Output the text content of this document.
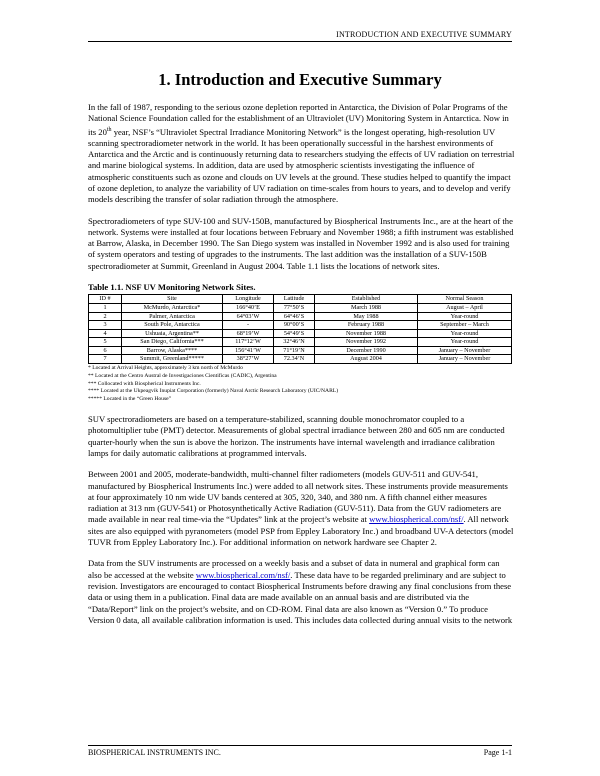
INTRODUCTION AND EXECUTIVE SUMMARY
1. Introduction and Executive Summary

In the fall of 1987, responding to the serious ozone depletion reported in Antarctica, the Division of Polar Programs of the National Science Foundation called for the establishment of an Ultraviolet (UV) Monitoring System in Antarctica. Now in its 20th year, NSF’s “Ultraviolet Spectral Irradiance Monitoring Network” is the longest operating, high-resolution UV scanning spectroradiometer network in the world. It has been operationally successful in the harshest environments of Antarctica and the Arctic and is continuously returning data to researchers studying the effects of UV radiation on terrestrial and marine biological systems. In addition, data are used by atmospheric scientists investigating the influence of atmospheric constituents such as ozone and clouds on UV levels at the ground. These studies helped to quantify the impact of ozone depletion, to analyze the variability of UV radiation on time-scales from hours to years, and to develop and verify models describing the transfer of solar radiation through the atmosphere.

Spectroradiometers of type SUV-100 and SUV-150B, manufactured by Biospherical Instruments Inc., are at the heart of the network. Systems were installed at four locations between February and November 1988; a fifth instrument was established at Barrow, Alaska, in December 1990. The San Diego system was installed in November 1992 and is also used for training of system operators and testing of upgrades to the instruments. The last addition was the installation of a SUV-150B spectroradiometer at Summit, Greenland in August 2004. Table 1.1 lists the locations of network sites.

Table 1.1. NSF UV Monitoring Network Sites.
ID #	Site	Longitude	Latitude	Established	Normal Season
1	McMurdo, Antarctica*	166°40’E	77°50’S	March 1988	August – April
2	Palmer, Antarctica	64°03’W	64°46’S	May 1988	Year-round
3	South Pole, Antarctica	-	90°00’S	February 1988	September – March
4	Ushuaia, Argentina**	68°19’W	54°49’S	November 1988	Year-round
5	San Diego, California***	117°12’W	32°46’N	November 1992	Year-round
6	Barrow, Alaska****	156°41’W	71°19’N	December 1990	January – November
7	Summit, Greenland*****	38°27’W	72.34’N	August 2004	January – November
* Located at Arrival Heights, approximately 3 km north of McMurdo
** Located at the Centro Austral de Investigaciones Cientificas (CADIC), Argentina
*** Collocated with Biospherical Instruments Inc.
**** Located at the Ukpeagvik Inupiat Corporation (formerly) Naval Arctic Research Laboratory (UIC/NARL)
***** Located in the “Green House”

SUV spectroradiometers are based on a temperature-stabilized, scanning double monochromator coupled to a photomultiplier tube (PMT) detector. Measurements of global spectral irradiance between 280 and 605 nm are conducted quarter-hourly when the sun is above the horizon. The instruments have internal wavelength and irradiance calibration lamps for daily automatic calibrations at programmed intervals.

Between 2001 and 2005, moderate-bandwidth, multi-channel filter radiometers (models GUV-511 and GUV-541, manufactured by Biospherical Instruments Inc.) were added to all network sites. These instruments provide measurements at four approximately 10 nm wide UV bands centered at 305, 320, 340, and 380 nm. A fifth channel either measures radiation at 313 nm (GUV-541) or Photosynthetically Active Radiation (GUV-511). Data from the GUV radiometers are made available in near real time-via the “Updates” link at the project’s website at www.biospherical.com/nsf/. All network sites are also equipped with pyranometers (model PSP from Eppley Laboratory Inc.) and broadband UV-A detectors (model TUVR from Eppley Laboratory Inc.). For additional information on network hardware see Chapter 2.

Data from the SUV instruments are processed on a weekly basis and a subset of data in numeral and graphical form can also be accessed at the website www.biospherical.com/nsf/. These data have to be regarded preliminary and are subject to revision. Investigators are encouraged to contact Biospherical Instruments before drawing any final conclusions from these data or using them in a publication. Final data are made available on an annual basis and are distributed via the “Data/Report” link on the project’s website, and on CD-ROM. Final data are also known as “Version 0.” To produce Version 0 data, all available calibration information is used. This includes data collected during annual visits to the network

BIOSPHERICAL INSTRUMENTS INC.	Page 1-1
